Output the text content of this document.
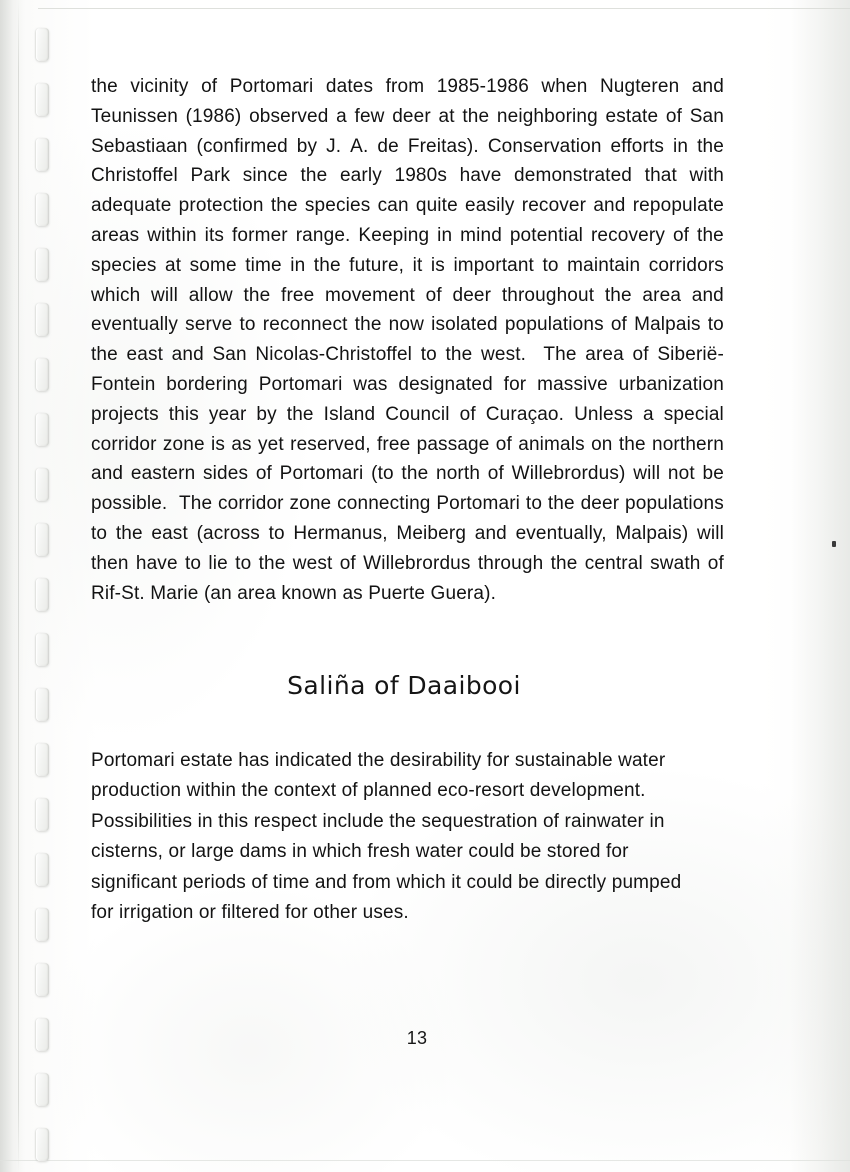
the vicinity of Portomari dates from 1985-1986 when Nugteren and
Teunissen (1986) observed a few deer at the neighboring estate of San
Sebastiaan (confirmed by J. A. de Freitas). Conservation efforts in the
Christoffel Park since the early 1980s have demonstrated that with
adequate protection the species can quite easily recover and repopulate
areas within its former range. Keeping in mind potential recovery of the
species at some time in the future, it is important to maintain corridors
which will allow the free movement of deer throughout the area and
eventually serve to reconnect the now isolated populations of Malpais to
the east and San Nicolas-Christoffel to the west. The area of Siberië-
Fontein bordering Portomari was designated for massive urbanization
projects this year by the Island Council of Curaçao. Unless a special
corridor zone is as yet reserved, free passage of animals on the northern
and eastern sides of Portomari (to the north of Willebrordus) will not be
possible. The corridor zone connecting Portomari to the deer populations
to the east (across to Hermanus, Meiberg and eventually, Malpais) will
then have to lie to the west of Willebrordus through the central swath of
Rif-St. Marie (an area known as Puerte Guera).
Saliña of Daaibooi
Portomari estate has indicated the desirability for sustainable water
production within the context of planned eco-resort development.
Possibilities in this respect include the sequestration of rainwater in
cisterns, or large dams in which fresh water could be stored for
significant periods of time and from which it could be directly pumped
for irrigation or filtered for other uses.
13
